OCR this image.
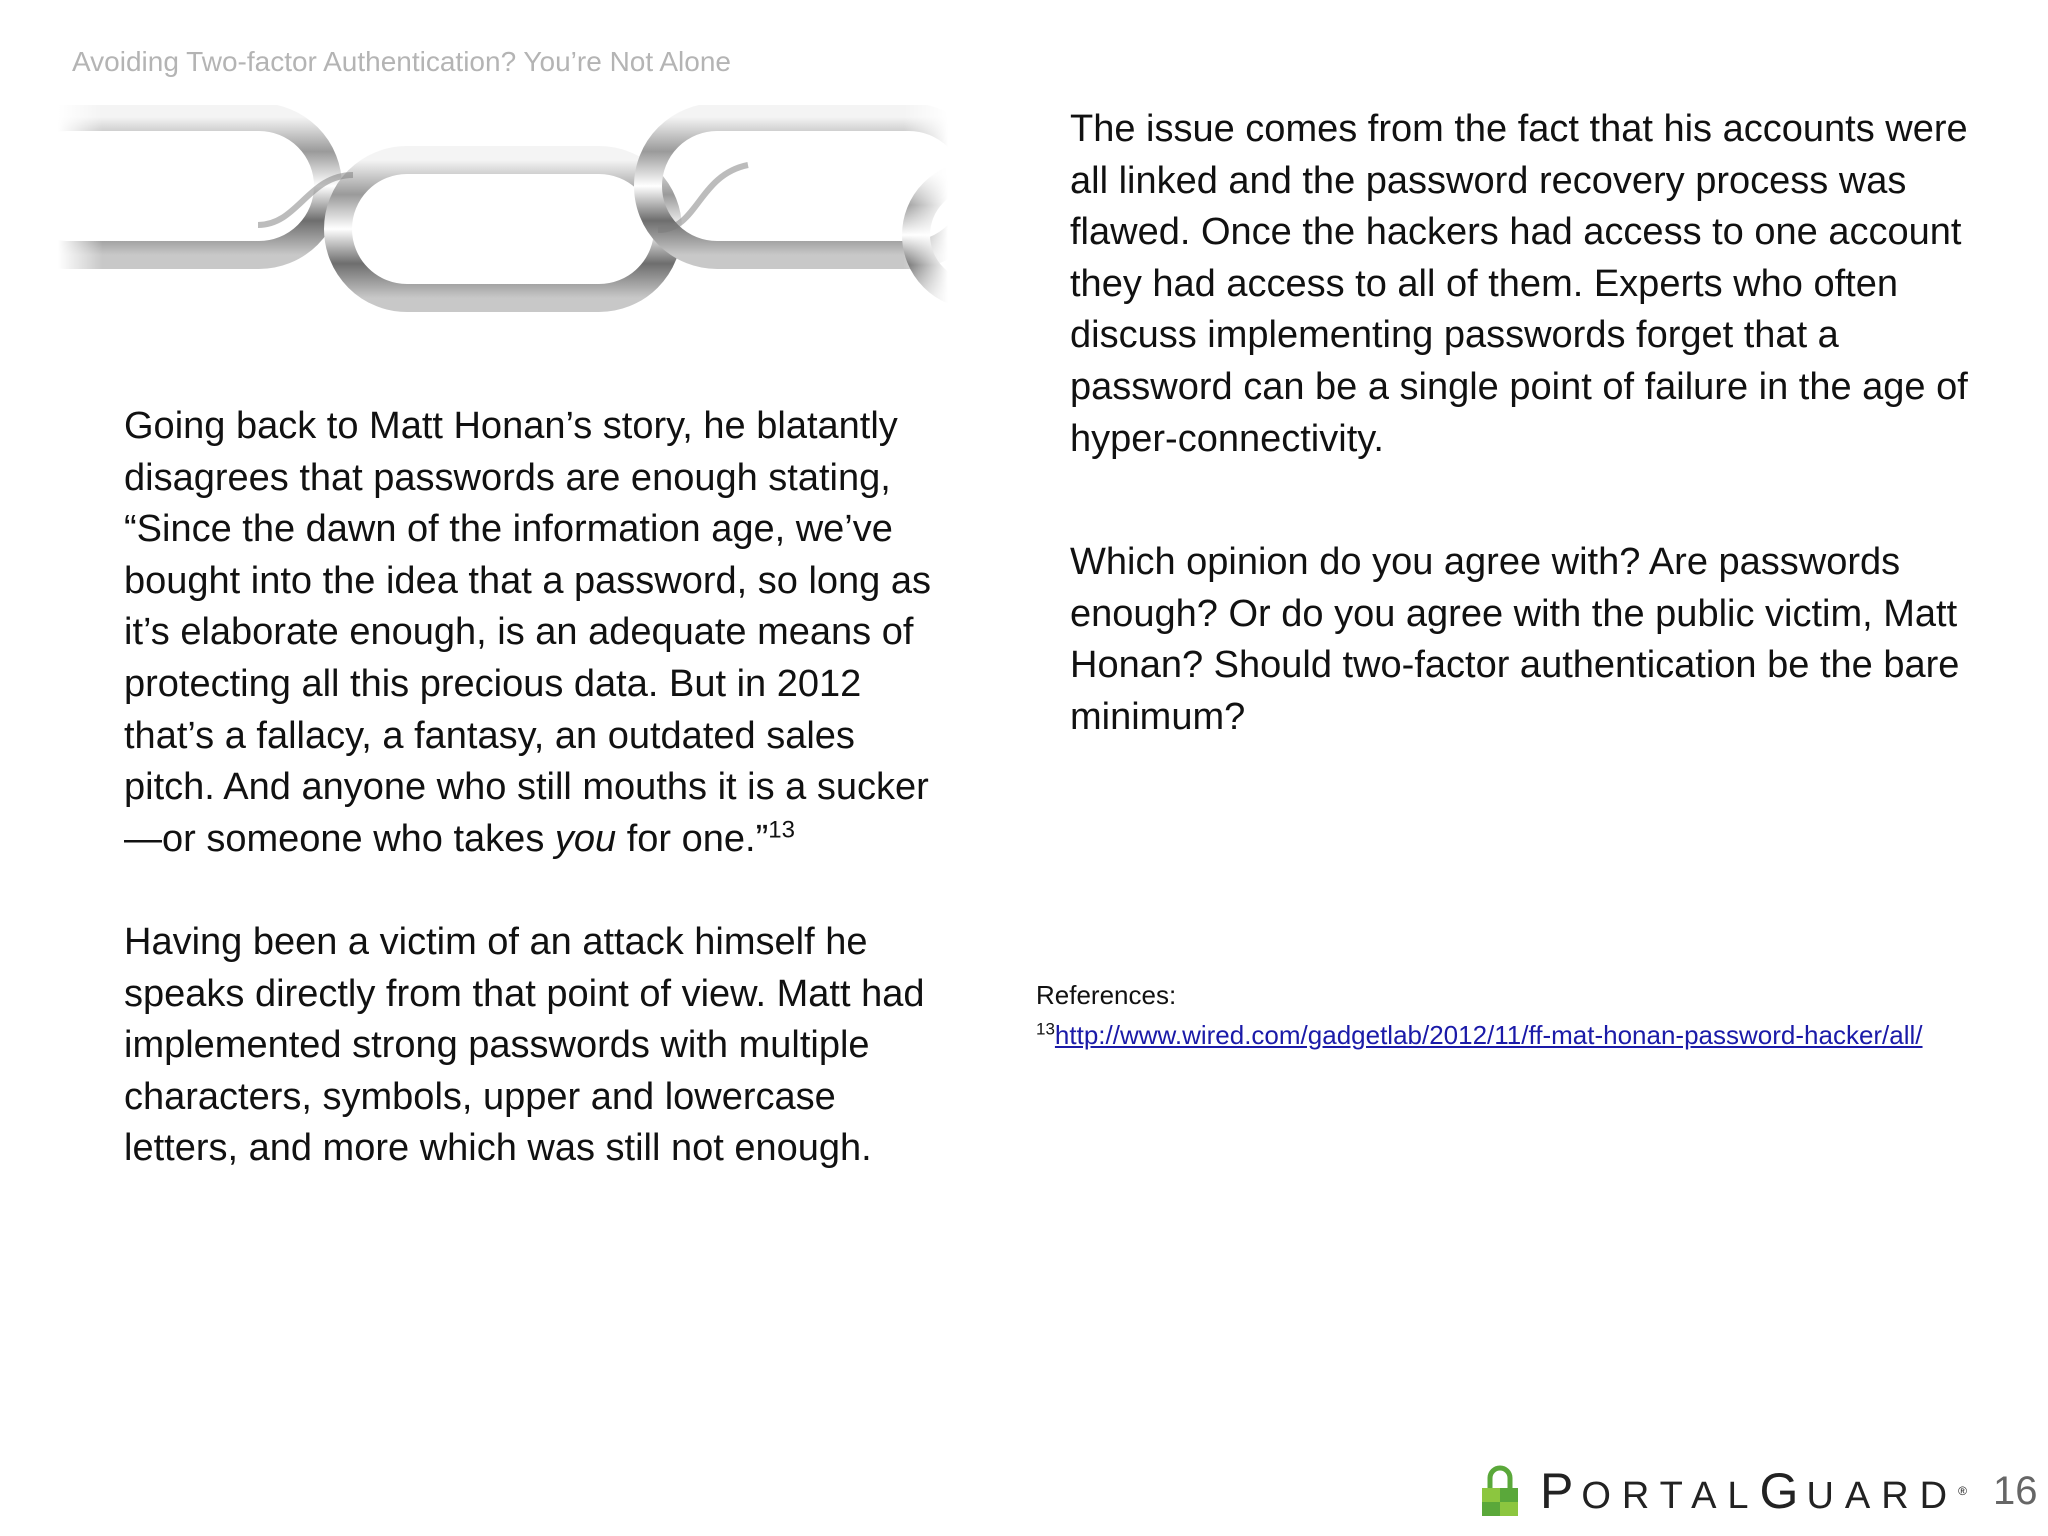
Avoiding Two-factor Authentication? You’re Not Alone

Going back to Matt Honan’s story, he blatantly disagrees that passwords are enough stating, “Since the dawn of the information age, we’ve bought into the idea that a password, so long as it’s elaborate enough, is an adequate means of protecting all this precious data. But in 2012 that’s a fallacy, a fantasy, an outdated sales pitch. And anyone who still mouths it is a sucker—or someone who takes you for one.”$^{13}$

Having been a victim of an attack himself he speaks directly from that point of view. Matt had implemented strong passwords with multiple characters, symbols, upper and lowercase letters, and more which was still not enough.

The issue comes from the fact that his accounts were all linked and the password recovery process was flawed. Once the hackers had access to one account they had access to all of them. Experts who often discuss implementing passwords forget that a password can be a single point of failure in the age of hyper-connectivity.

Which opinion do you agree with? Are passwords enough? Or do you agree with the public victim, Matt Honan? Should two-factor authentication be the bare minimum?

References:
$^{13}$http://www.wired.com/gadgetlab/2012/11/ff-mat-honan-password-hacker/all/
PORTALGUARD ® 16
